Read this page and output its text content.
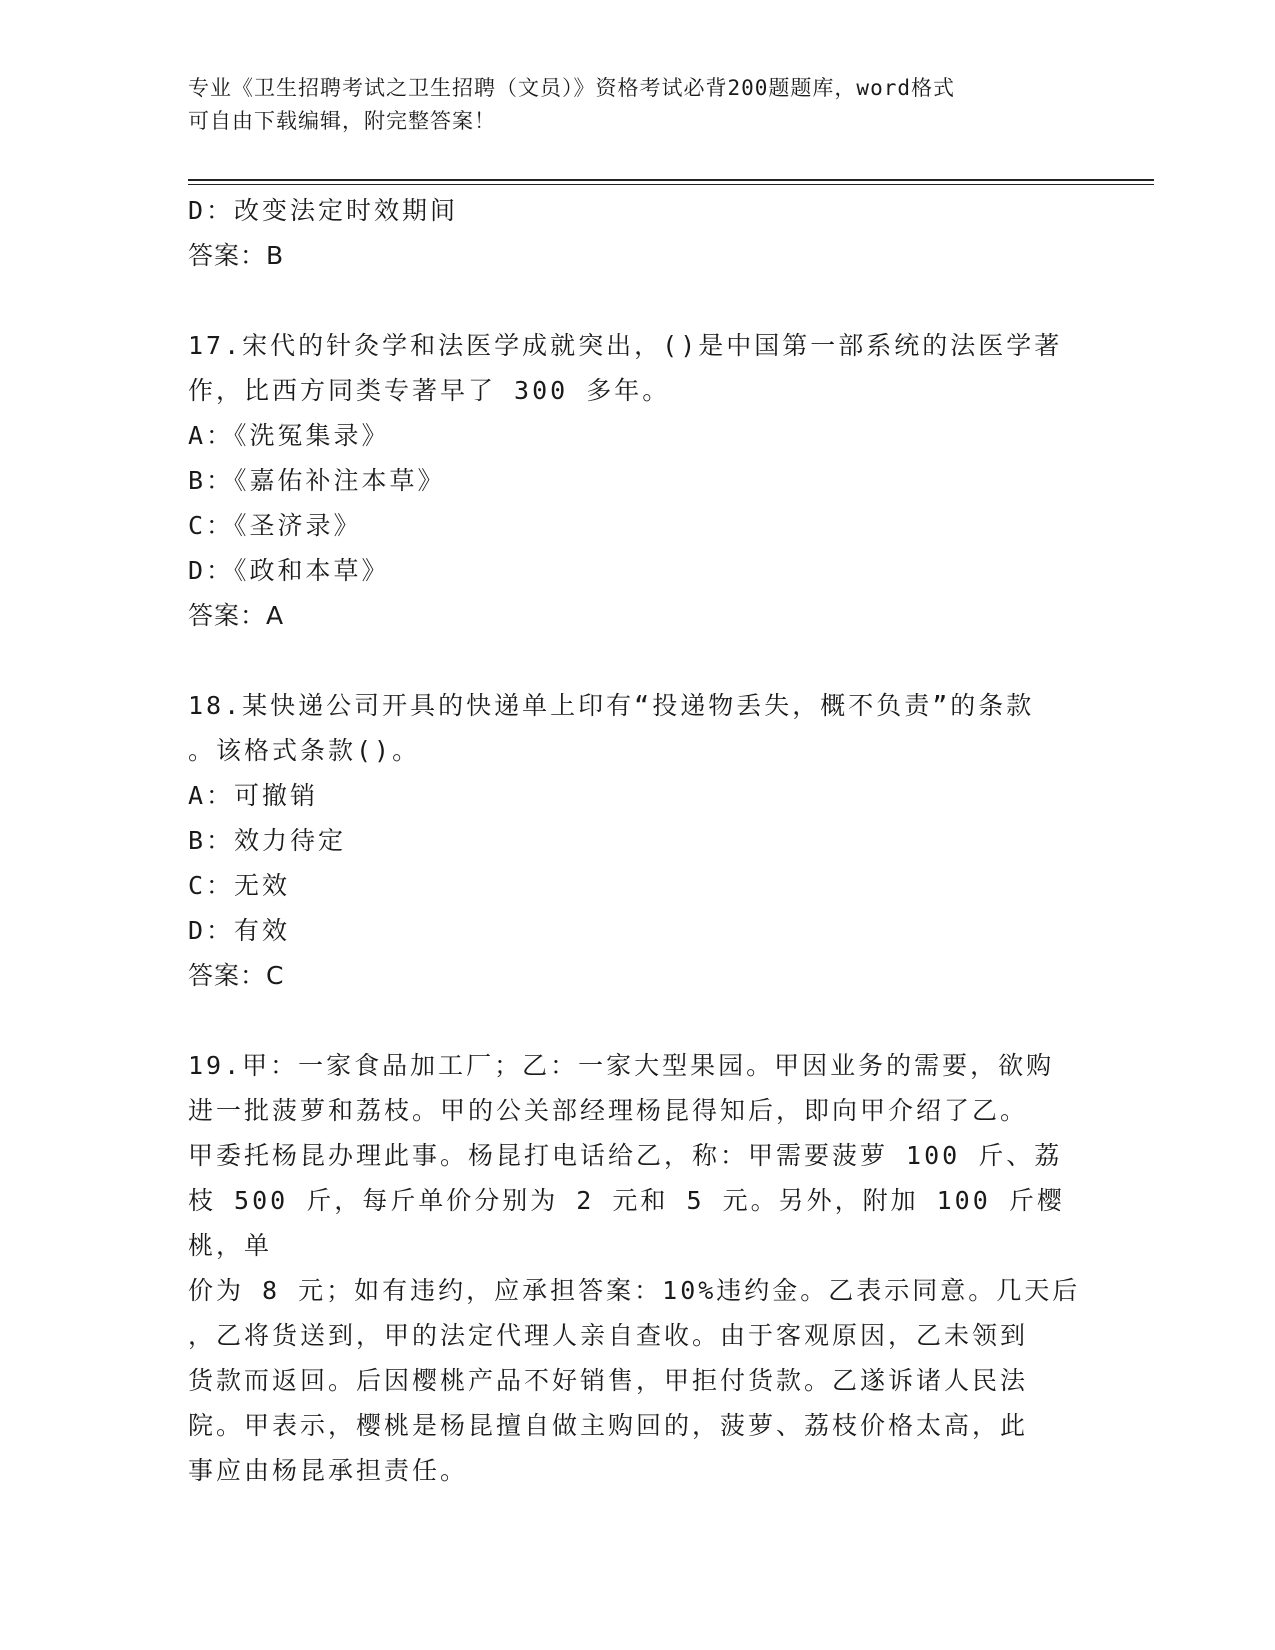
专业《卫生招聘考试之卫生招聘（文员）》资格考试必背200题题库，word格式
可自由下载编辑，附完整答案！
D：改变法定时效期间
答案：B
17.宋代的针灸学和法医学成就突出，()是中国第一部系统的法医学著
作，比西方同类专著早了 300 多年。
A：《洗冤集录》
B：《嘉佑补注本草》
C：《圣济录》
D：《政和本草》
答案：A
18.某快递公司开具的快递单上印有“投递物丢失，概不负责”的条款
。该格式条款()。
A：可撤销
B：效力待定
C：无效
D：有效
答案：C
19.甲：一家食品加工厂；乙：一家大型果园。甲因业务的需要，欲购
进一批菠萝和荔枝。甲的公关部经理杨昆得知后，即向甲介绍了乙。
甲委托杨昆办理此事。杨昆打电话给乙，称：甲需要菠萝 100 斤、荔
枝 500 斤，每斤单价分别为 2 元和 5 元。另外，附加 100 斤樱桃，单
价为 8 元；如有违约，应承担答案：10%违约金。乙表示同意。几天后
，乙将货送到，甲的法定代理人亲自查收。由于客观原因，乙未领到
货款而返回。后因樱桃产品不好销售，甲拒付货款。乙遂诉诸人民法
院。甲表示，樱桃是杨昆擅自做主购回的，菠萝、荔枝价格太高，此
事应由杨昆承担责任。
